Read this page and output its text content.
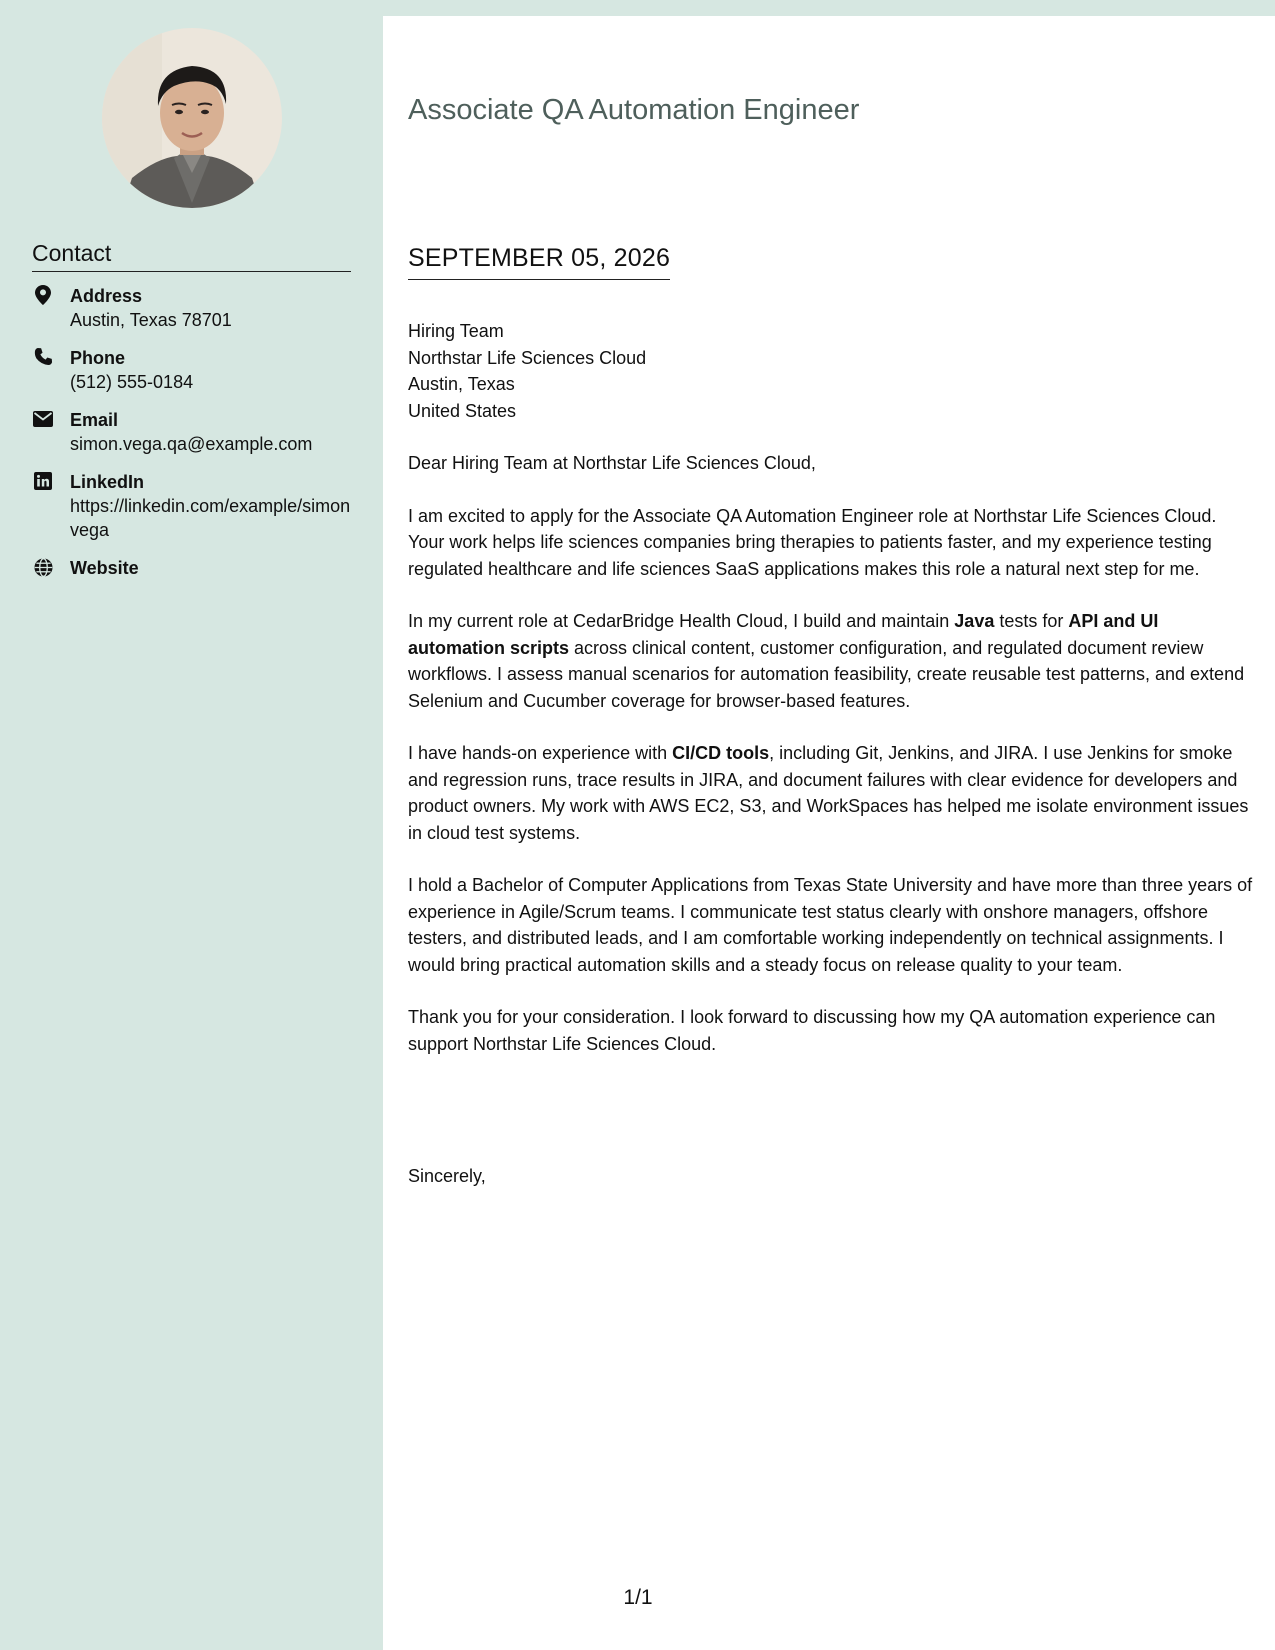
Contact
Address
Austin, Texas 78701
Phone
(512) 555-0184
Email
simon.vega.qa@example.com
LinkedIn
https://linkedin.com/example/simonvega
Website
Associate QA Automation Engineer
SEPTEMBER 05, 2026
Hiring Team
Northstar Life Sciences Cloud
Austin, Texas
United States
Dear Hiring Team at Northstar Life Sciences Cloud,

I am excited to apply for the Associate QA Automation Engineer role at Northstar Life Sciences Cloud. Your work helps life sciences companies bring therapies to patients faster, and my experience testing regulated healthcare and life sciences SaaS applications makes this role a natural next step for me.

In my current role at CedarBridge Health Cloud, I build and maintain Java tests for API and UI automation scripts across clinical content, customer configuration, and regulated document review workflows. I assess manual scenarios for automation feasibility, create reusable test patterns, and extend Selenium and Cucumber coverage for browser-based features.

I have hands-on experience with CI/CD tools, including Git, Jenkins, and JIRA. I use Jenkins for smoke and regression runs, trace results in JIRA, and document failures with clear evidence for developers and product owners. My work with AWS EC2, S3, and WorkSpaces has helped me isolate environment issues in cloud test systems.

I hold a Bachelor of Computer Applications from Texas State University and have more than three years of experience in Agile/Scrum teams. I communicate test status clearly with onshore managers, offshore testers, and distributed leads, and I am comfortable working independently on technical assignments. I would bring practical automation skills and a steady focus on release quality to your team.

Thank you for your consideration. I look forward to discussing how my QA automation experience can support Northstar Life Sciences Cloud.

Sincerely,
1/1
